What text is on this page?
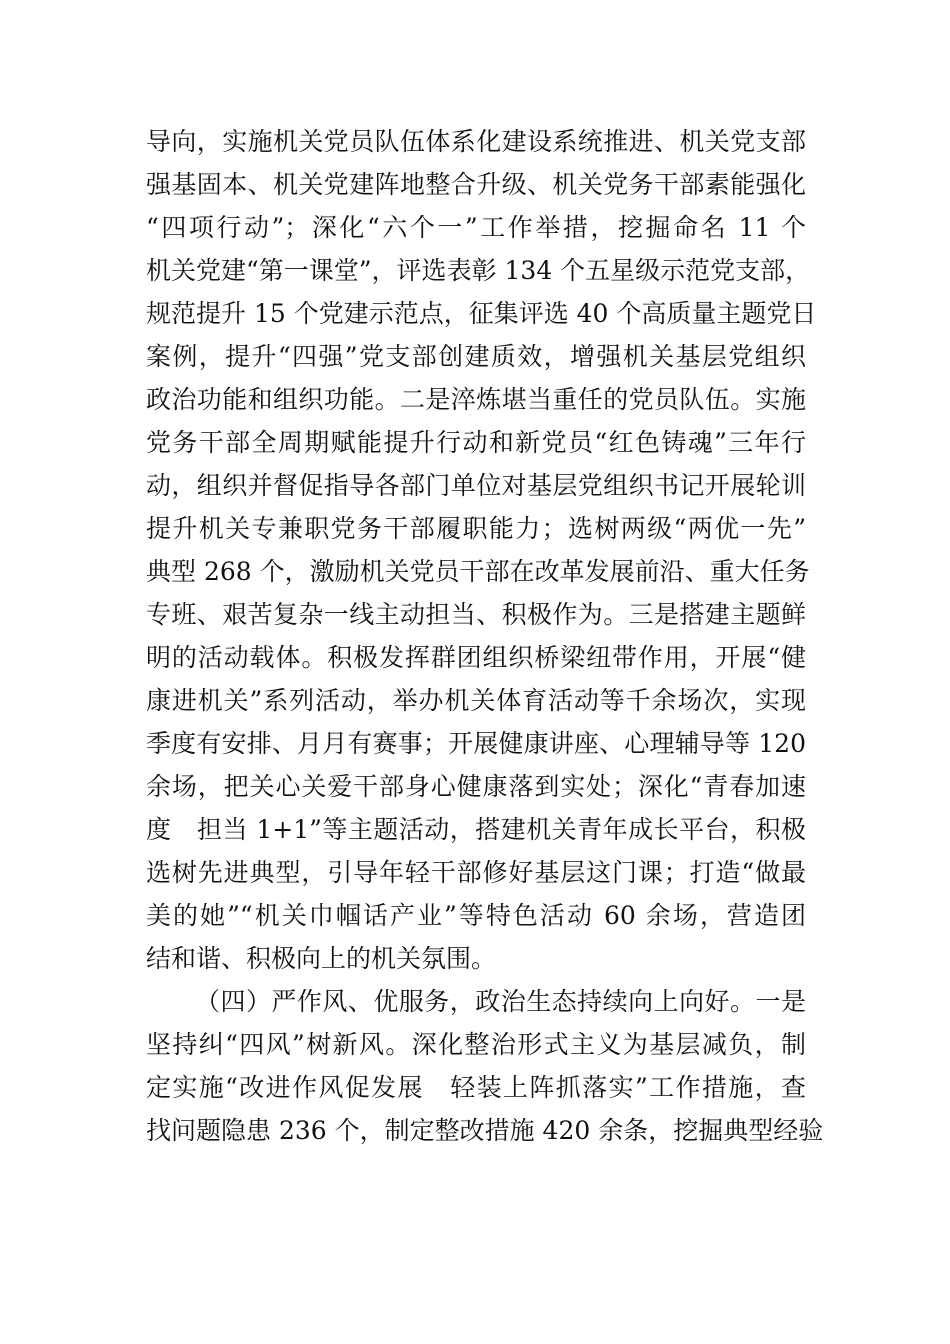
导向，实施机关党员队伍体系化建设系统推进、机关党支部
强基固本、机关党建阵地整合升级、机关党务干部素能强化
“四项行动”；深化“六个一”工作举措，挖掘命名 11 个
机关党建“第一课堂”，评选表彰 134 个五星级示范党支部，
规范提升 15 个党建示范点，征集评选 40 个高质量主题党日
案例，提升“四强”党支部创建质效，增强机关基层党组织
政治功能和组织功能。二是淬炼堪当重任的党员队伍。实施
党务干部全周期赋能提升行动和新党员“红色铸魂”三年行
动，组织并督促指导各部门单位对基层党组织书记开展轮训
提升机关专兼职党务干部履职能力；选树两级“两优一先”
典型 268 个，激励机关党员干部在改革发展前沿、重大任务
专班、艰苦复杂一线主动担当、积极作为。三是搭建主题鲜
明的活动载体。积极发挥群团组织桥梁纽带作用，开展“健
康进机关”系列活动，举办机关体育活动等千余场次，实现
季度有安排、月月有赛事；开展健康讲座、心理辅导等 120
余场，把关心关爱干部身心健康落到实处；深化“青春加速
度　担当 1+1”等主题活动，搭建机关青年成长平台，积极
选树先进典型，引导年轻干部修好基层这门课；打造“做最
美的她”“机关巾帼话产业”等特色活动 60 余场，营造团
结和谐、积极向上的机关氛围。
（四）严作风、优服务，政治生态持续向上向好。一是
坚持纠“四风”树新风。深化整治形式主义为基层减负，制
定实施“改进作风促发展　轻装上阵抓落实”工作措施，查
找问题隐患 236 个，制定整改措施 420 余条，挖掘典型经验
